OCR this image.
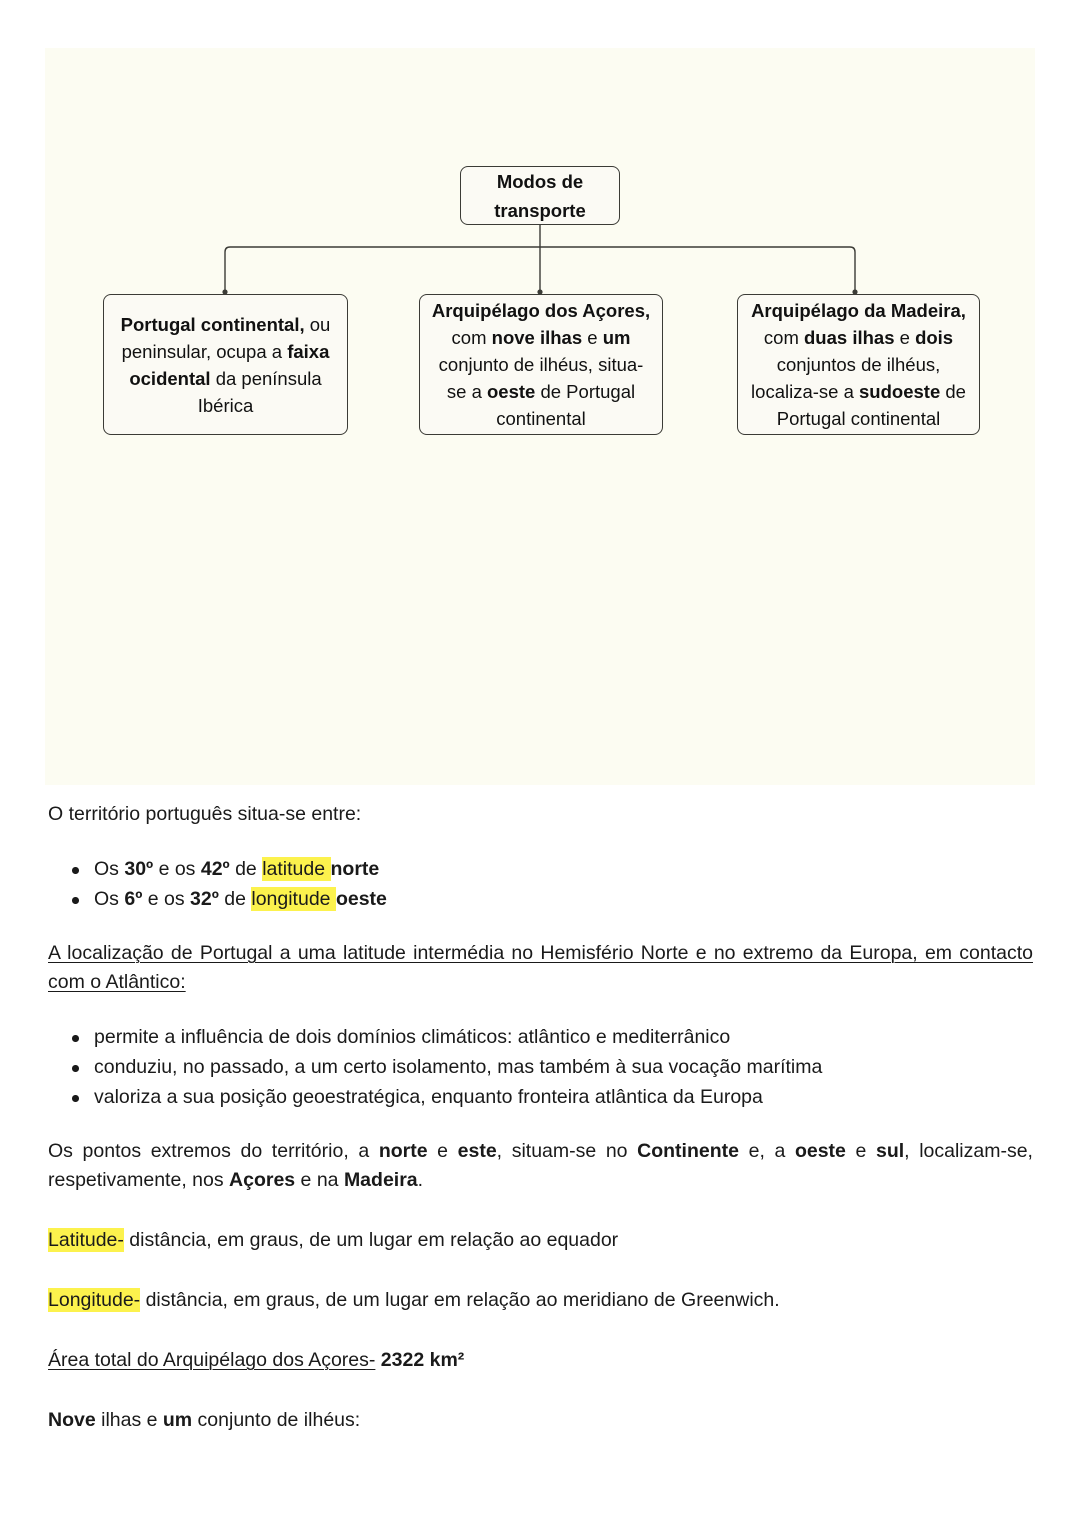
Modos de
transporte
Portugal continental, ou peninsular, ocupa a faixa ocidental da península Ibérica
Arquipélago dos Açores, com nove ilhas e um conjunto de ilhéus, situa-se a oeste de Portugal continental
Arquipélago da Madeira, com duas ilhas e dois conjuntos de ilhéus, localiza-se a sudoeste de Portugal continental

O território português situa-se entre:

Os 30º e os 42º de latitude norte
Os 6º e os 32º de longitude oeste

A localização de Portugal a uma latitude intermédia no Hemisfério Norte e no extremo da Europa, em contacto com o Atlântico:

permite a influência de dois domínios climáticos: atlântico e mediterrânico
conduziu, no passado, a um certo isolamento, mas também à sua vocação marítima
valoriza a sua posição geoestratégica, enquanto fronteira atlântica da Europa

Os pontos extremos do território, a norte e este, situam-se no Continente e, a oeste e sul, localizam-se, respetivamente, nos Açores e na Madeira.

Latitude- distância, em graus, de um lugar em relação ao equador

Longitude- distância, em graus, de um lugar em relação ao meridiano de Greenwich.

Área total do Arquipélago dos Açores- 2322 km²

Nove ilhas e um conjunto de ilhéus:
